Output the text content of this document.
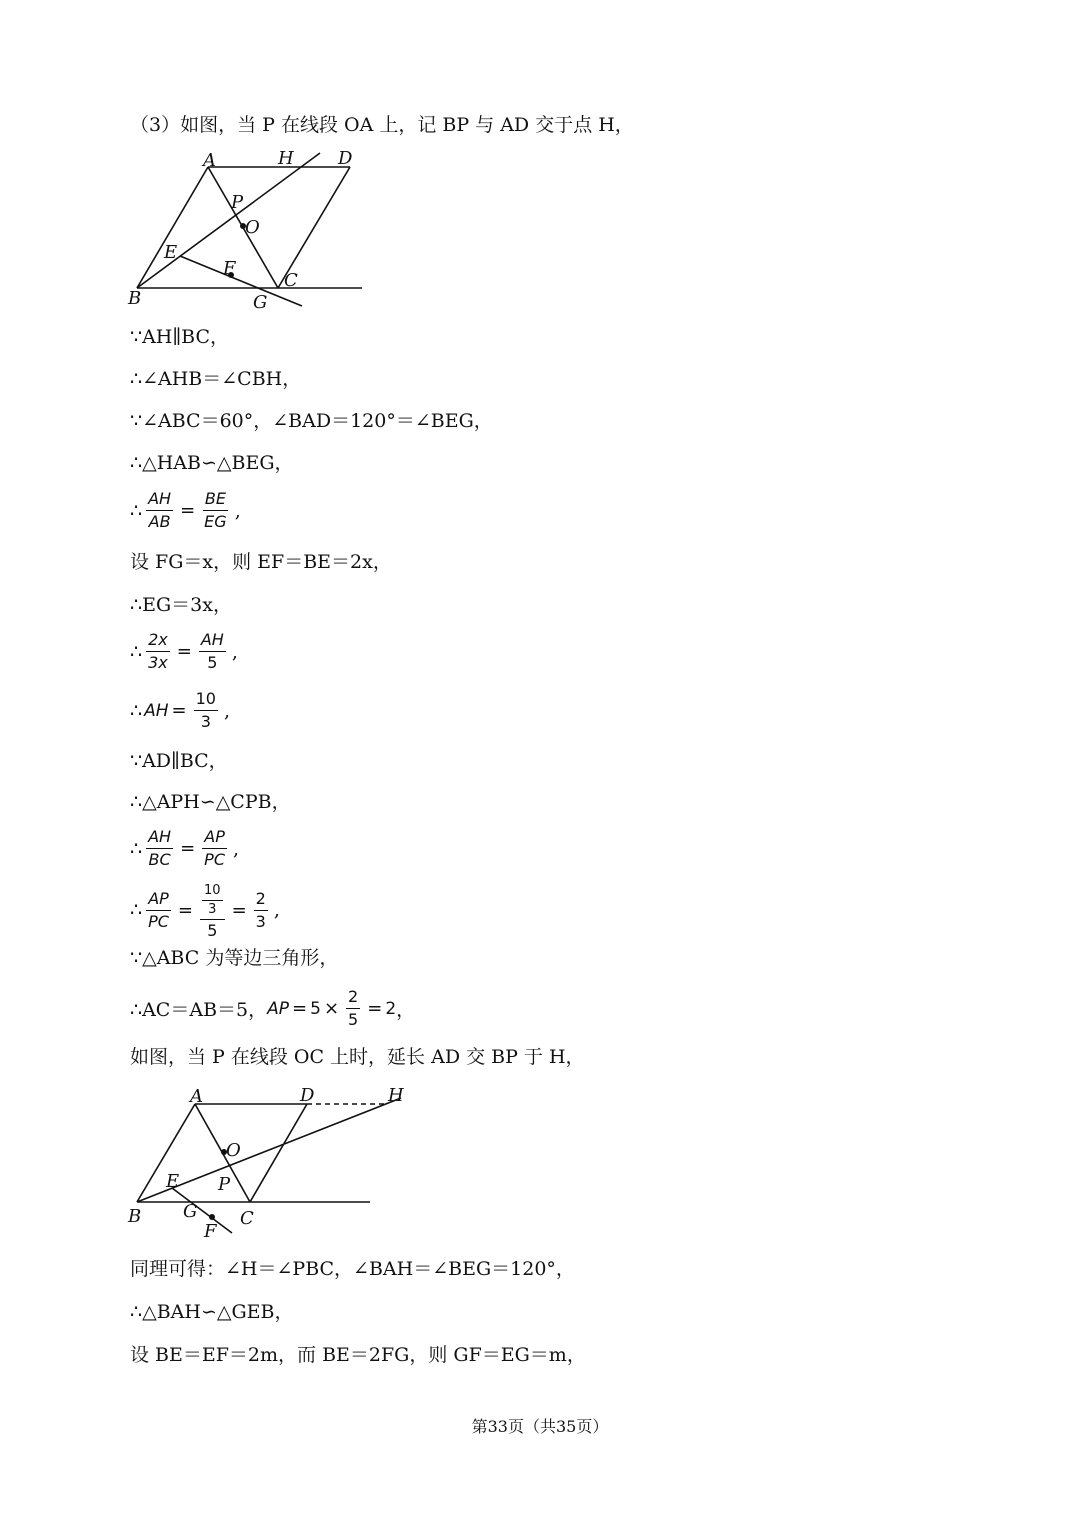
（3）如图，当 P 在线段 OA 上，记 BP 与 AD 交于点 H，
A	H D
P
O
E
F
C
B	G
∵AH∥BC，
∴∠AHB＝∠CBH，
∵∠ABC＝60°，∠BAD＝120°＝∠BEG，
∴△HAB∽△BEG，
∴ $\frac{AH}{AB} = \frac{BE}{EG}$ ,
设 FG＝x，则 EF＝BE＝2x，
∴EG＝3x，
∴ $\frac{2x}{3x} = \frac{AH}{5}$ ,
∴ AH = $\frac{10}{3}$ ,
∵AD∥BC，
∴△APH∽△CPB，
∴ $\frac{AH}{BC} = \frac{AP}{PC}$ ,
∴ $\frac{AP}{PC} = \frac{\frac{10}{3}}{5} = \frac{2}{3}$ ,
∵△ABC 为等边三角形，
∴AC＝AB＝5， AP = $5 \times \frac{2}{5} = 2$ ，
如图，当 P 在线段 OC 上时，延长 AD 交 BP 于 H，
A	D	H
O
E P
B G C
F
同理可得：∠H＝∠PBC，∠BAH＝∠BEG＝120°，
∴△BAH∽△GEB，
设 BE＝EF＝2m，而 BE＝2FG，则 GF＝EG＝m，
第33页（共35页）
